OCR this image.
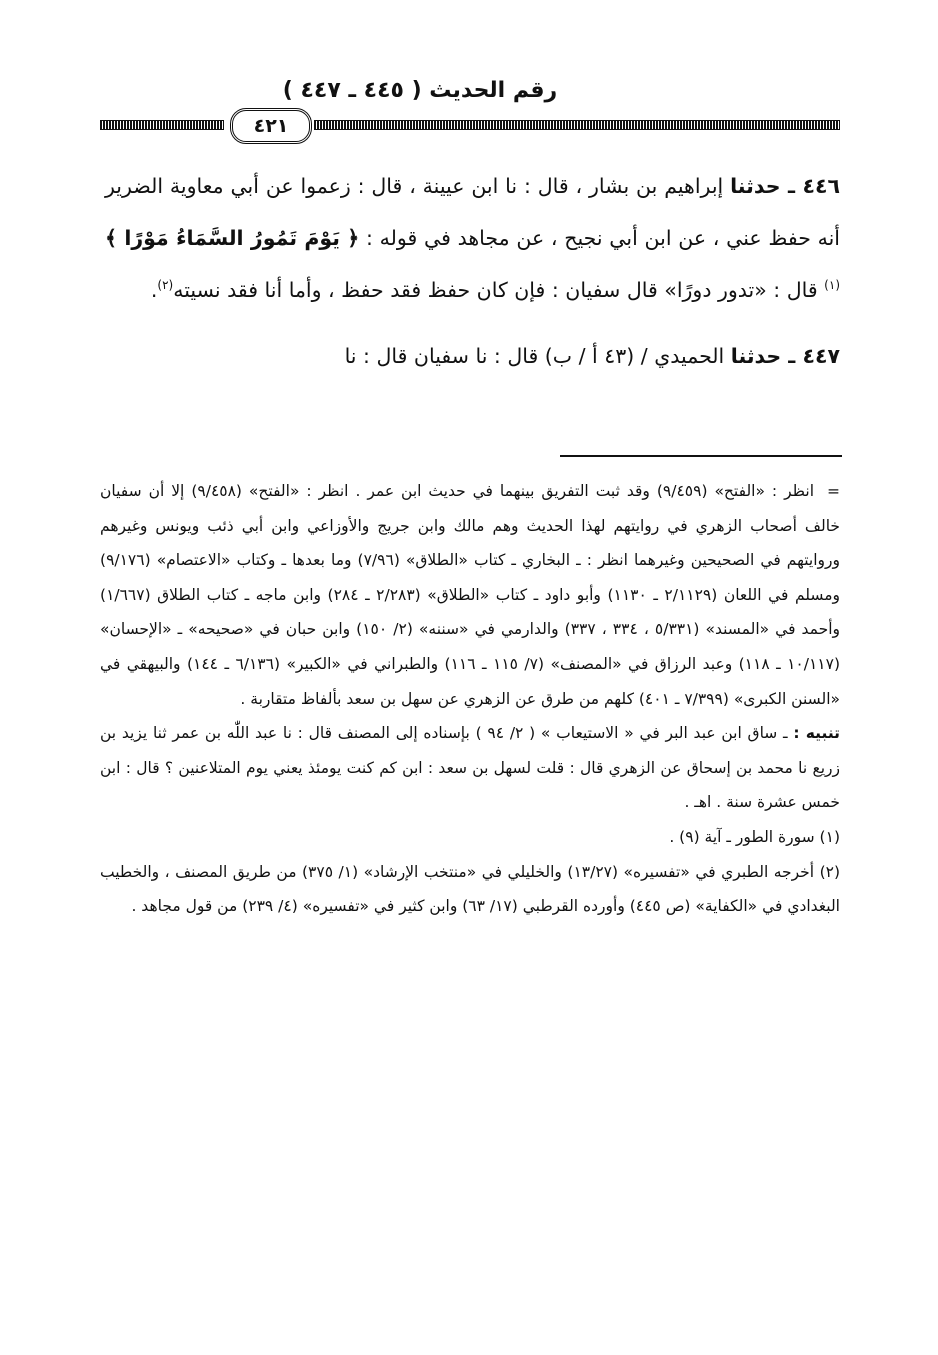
رقم الحديث ( ٤٤٥ ـ ٤٤٧ )
٤٢١

٤٤٦ ـ حدثنا إبراهيم بن بشار ، قال : نا ابن عيينة ، قال : زعموا عن أبي معاوية الضرير أنه حفظ عني ، عن ابن أبي نجيح ، عن مجاهد في قوله : ﴿ يَوْمَ تَمُورُ السَّمَاءُ مَوْرًا ﴾$^{(١)}$ قال : «تدور دورًا» قال سفيان : فإن كان حفظ فقد حفظ ، وأما أنا فقد نسيته$^{(٢)}$.

٤٤٧ ـ حدثنا الحميدي / (٤٣ أ / ب) قال : نا سفيان قال : نا

=انظر : «الفتح» (٩/٤٥٩) وقد ثبت التفريق بينهما في حديث ابن عمر . انظر : «الفتح» (٩/٤٥٨) إلا أن سفيان خالف أصحاب الزهري في روايتهم لهذا الحديث وهم مالك وابن جريج والأوزاعي وابن أبي ذئب ويونس وغيرهم وروايتهم في الصحيحين وغيرهما انظر : ـ البخاري ـ كتاب «الطلاق» (٧/٩٦) وما بعدها ـ وكتاب «الاعتصام» (٩/١٧٦) ومسلم في اللعان (٢/١١٢٩ ـ ١١٣٠) وأبو داود ـ كتاب «الطلاق» (٢/٢٨٣ ـ ٢٨٤) وابن ماجه ـ كتاب الطلاق (١/٦٦٧) وأحمد في «المسند» (٥/٣٣١ ، ٣٣٤ ، ٣٣٧) والدارمي في «سننه» (٢/ ١٥٠) وابن حبان في «صحيحه» ـ «الإحسان» (١٠/١١٧ ـ ١١٨) وعبد الرزاق في «المصنف» (٧/ ١١٥ ـ ١١٦) والطبراني في «الكبير» (٦/١٣٦ ـ ١٤٤) والبيهقي في «السنن الكبرى» (٧/٣٩٩ ـ ٤٠١) كلهم من طرق عن الزهري عن سهل بن سعد بألفاظ متقاربة .

تنبيه : ـ ساق ابن عبد البر في « الاستيعاب » ( ٢/ ٩٤ ) بإسناده إلى المصنف قال : نا عبد اللّٰه بن عمر ثنا يزيد بن زريع نا محمد بن إسحاق عن الزهري قال : قلت لسهل بن سعد : ابن كم كنت يومئذ يعني يوم المتلاعنين ؟ قال : ابن خمس عشرة سنة . اهـ .

(١) سورة الطور ـ آية (٩) .

(٢) أخرجه الطبري في «تفسيره» (١٣/٢٧) والخليلي في «منتخب الإرشاد» (١/ ٣٧٥) من طريق المصنف ، والخطيب البغدادي في «الكفاية» (ص ٤٤٥) وأورده القرطبي (١٧/ ٦٣) وابن كثير في «تفسيره» (٤/ ٢٣٩) من قول مجاهد .
